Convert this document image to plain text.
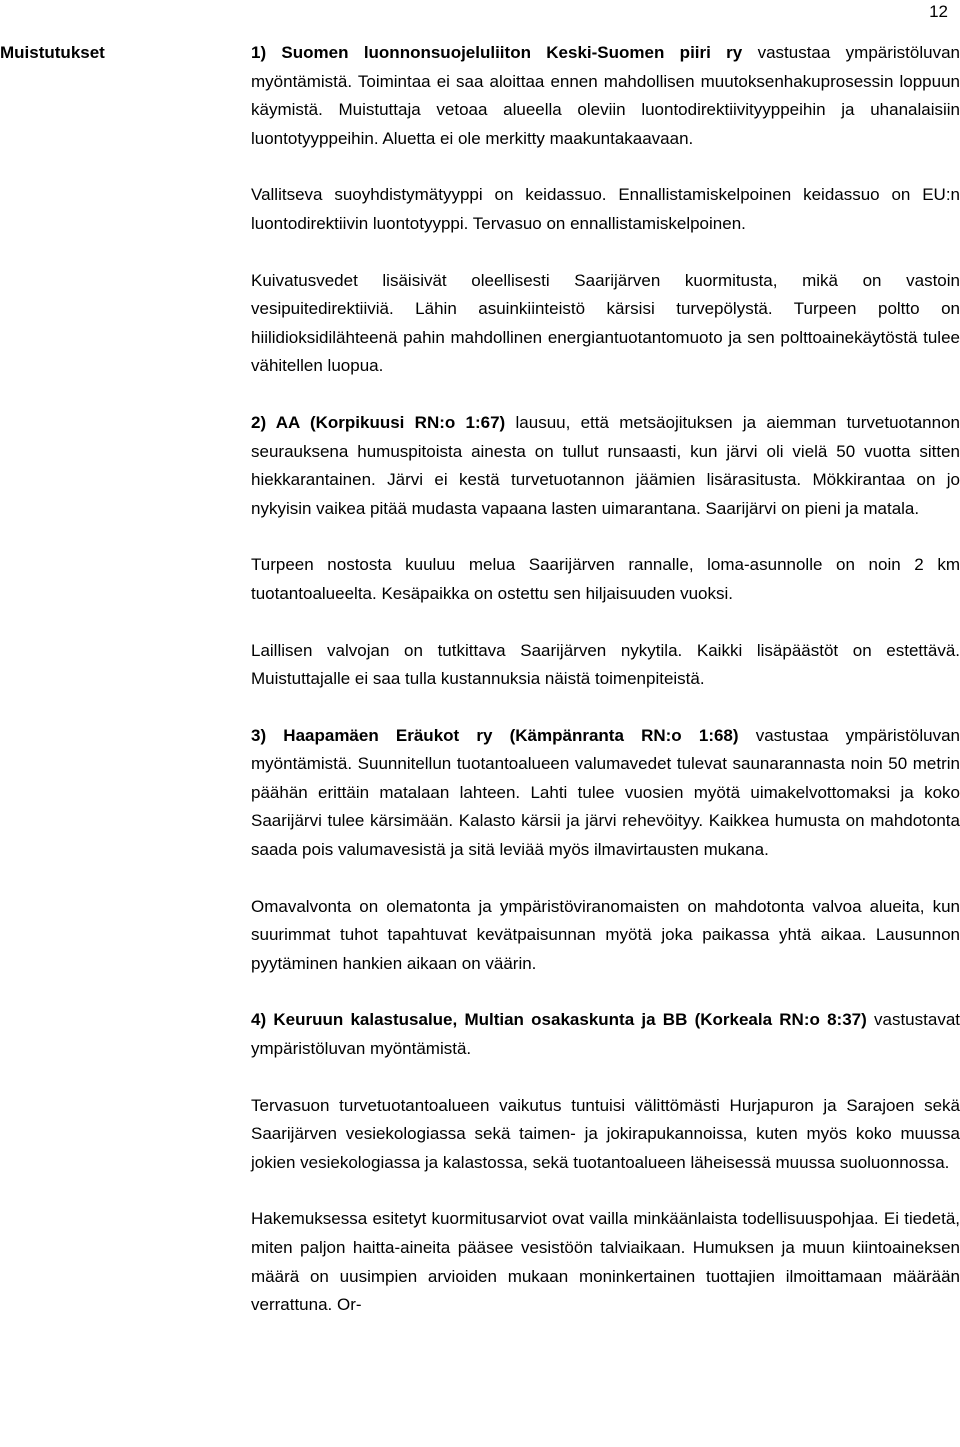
12
Muistutukset	1) Suomen luonnonsuojeluliiton Keski-Suomen piiri ry vastustaa ympäristöluvan myöntämistä. Toimintaa ei saa aloittaa ennen mahdollisen muutoksenhakuprosessin loppuun käymistä. Muistuttaja vetoaa alueella oleviin luontodirektiivityyppeihin ja uhanalaisiin luontotyyppeihin. Aluetta ei ole merkitty maakuntakaavaan.

Vallitseva suoyhdistymätyyppi on keidassuo. Ennallistamiskelpoinen keidassuo on EU:n luontodirektiivin luontotyyppi. Tervasuo on ennallistamiskelpoinen.

Kuivatusvedet lisäisivät oleellisesti Saarijärven kuormitusta, mikä on vastoin vesipuitedirektiiviä. Lähin asuinkiinteistö kärsisi turvepölystä. Turpeen poltto on hiilidioksidilähteenä pahin mahdollinen energiantuotantomuoto ja sen polttoainekäytöstä tulee vähitellen luopua.

2) AA (Korpikuusi RN:o 1:67) lausuu, että metsäojituksen ja aiemman turvetuotannon seurauksena humuspitoista ainesta on tullut runsaasti, kun järvi oli vielä 50 vuotta sitten hiekkarantainen. Järvi ei kestä turvetuotannon jäämien lisärasitusta. Mökkirantaa on jo nykyisin vaikea pitää mudasta vapaana lasten uimarantana. Saarijärvi on pieni ja matala.

Turpeen nostosta kuuluu melua Saarijärven rannalle, loma-asunnolle on noin 2 km tuotantoalueelta. Kesäpaikka on ostettu sen hiljaisuuden vuoksi.

Laillisen valvojan on tutkittava Saarijärven nykytila. Kaikki lisäpäästöt on estettävä. Muistuttajalle ei saa tulla kustannuksia näistä toimenpiteistä.

3) Haapamäen Eräukot ry (Kämpänranta RN:o 1:68) vastustaa ympäristöluvan myöntämistä. Suunnitellun tuotantoalueen valumavedet tulevat saunarannasta noin 50 metrin päähän erittäin matalaan lahteen. Lahti tulee vuosien myötä uimakelvottomaksi ja koko Saarijärvi tulee kärsimään. Kalasto kärsii ja järvi rehevöityy. Kaikkea humusta on mahdotonta saada pois valumavesistä ja sitä leviää myös ilmavirtausten mukana.

Omavalvonta on olematonta ja ympäristöviranomaisten on mahdotonta valvoa alueita, kun suurimmat tuhot tapahtuvat kevätpaisunnan myötä joka paikassa yhtä aikaa. Lausunnon pyytäminen hankien aikaan on väärin.

4) Keuruun kalastusalue, Multian osakaskunta ja BB (Korkeala RN:o 8:37) vastustavat ympäristöluvan myöntämistä.

Tervasuon turvetuotantoalueen vaikutus tuntuisi välittömästi Hurjapuron ja Sarajoen sekä Saarijärven vesiekologiassa sekä taimen- ja jokirapukannoissa, kuten myös koko muussa jokien vesiekologiassa ja kalastossa, sekä tuotantoalueen läheisessä muussa suoluonnossa.

Hakemuksessa esitetyt kuormitusarviot ovat vailla minkäänlaista todellisuuspohjaa. Ei tiedetä, miten paljon haitta-aineita pääsee vesistöön talviaikaan. Humuksen ja muun kiintoaineksen määrä on uusimpien arvioiden mukaan moninkertainen tuottajien ilmoittamaan määrään verrattuna. Or-
